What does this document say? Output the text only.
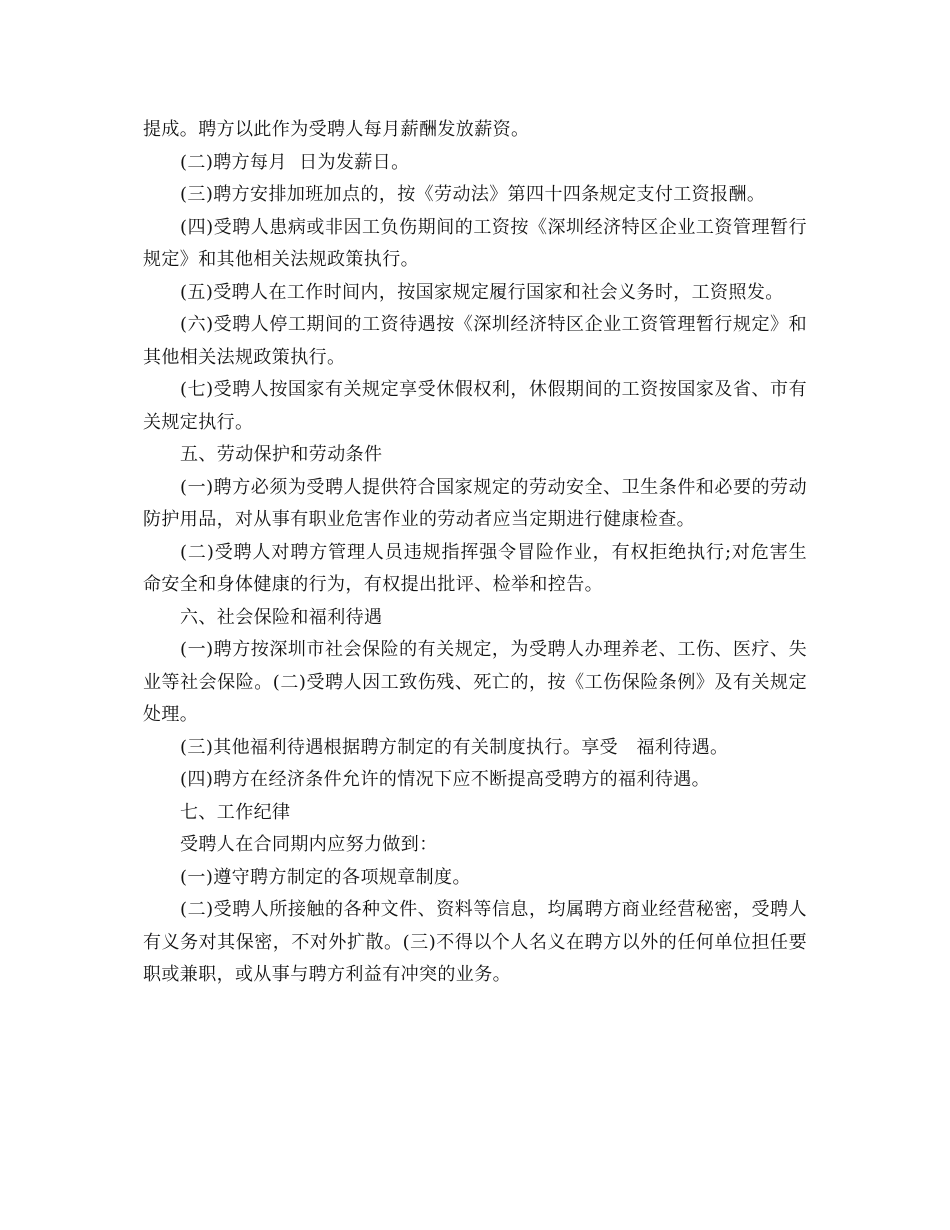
提成。聘方以此作为受聘人每月薪酬发放薪资。

(二)聘方每月  日为发薪日。

(三)聘方安排加班加点的，按《劳动法》第四十四条规定支付工资报酬。

(四)受聘人患病或非因工负伤期间的工资按《深圳经济特区企业工资管理暂行规定》和其他相关法规政策执行。

(五)受聘人在工作时间内，按国家规定履行国家和社会义务时，工资照发。

(六)受聘人停工期间的工资待遇按《深圳经济特区企业工资管理暂行规定》和其他相关法规政策执行。

(七)受聘人按国家有关规定享受休假权利，休假期间的工资按国家及省、市有关规定执行。

五、劳动保护和劳动条件

(一)聘方必须为受聘人提供符合国家规定的劳动安全、卫生条件和必要的劳动防护用品，对从事有职业危害作业的劳动者应当定期进行健康检查。

(二)受聘人对聘方管理人员违规指挥强令冒险作业，有权拒绝执行;对危害生命安全和身体健康的行为，有权提出批评、检举和控告。

六、社会保险和福利待遇

(一)聘方按深圳市社会保险的有关规定，为受聘人办理养老、工伤、医疗、失业等社会保险。(二)受聘人因工致伤残、死亡的，按《工伤保险条例》及有关规定处理。

(三)其他福利待遇根据聘方制定的有关制度执行。享受　福利待遇。

(四)聘方在经济条件允许的情况下应不断提高受聘方的福利待遇。

七、工作纪律

受聘人在合同期内应努力做到：

(一)遵守聘方制定的各项规章制度。

(二)受聘人所接触的各种文件、资料等信息，均属聘方商业经营秘密，受聘人有义务对其保密，不对外扩散。(三)不得以个人名义在聘方以外的任何单位担任要职或兼职，或从事与聘方利益有冲突的业务。
